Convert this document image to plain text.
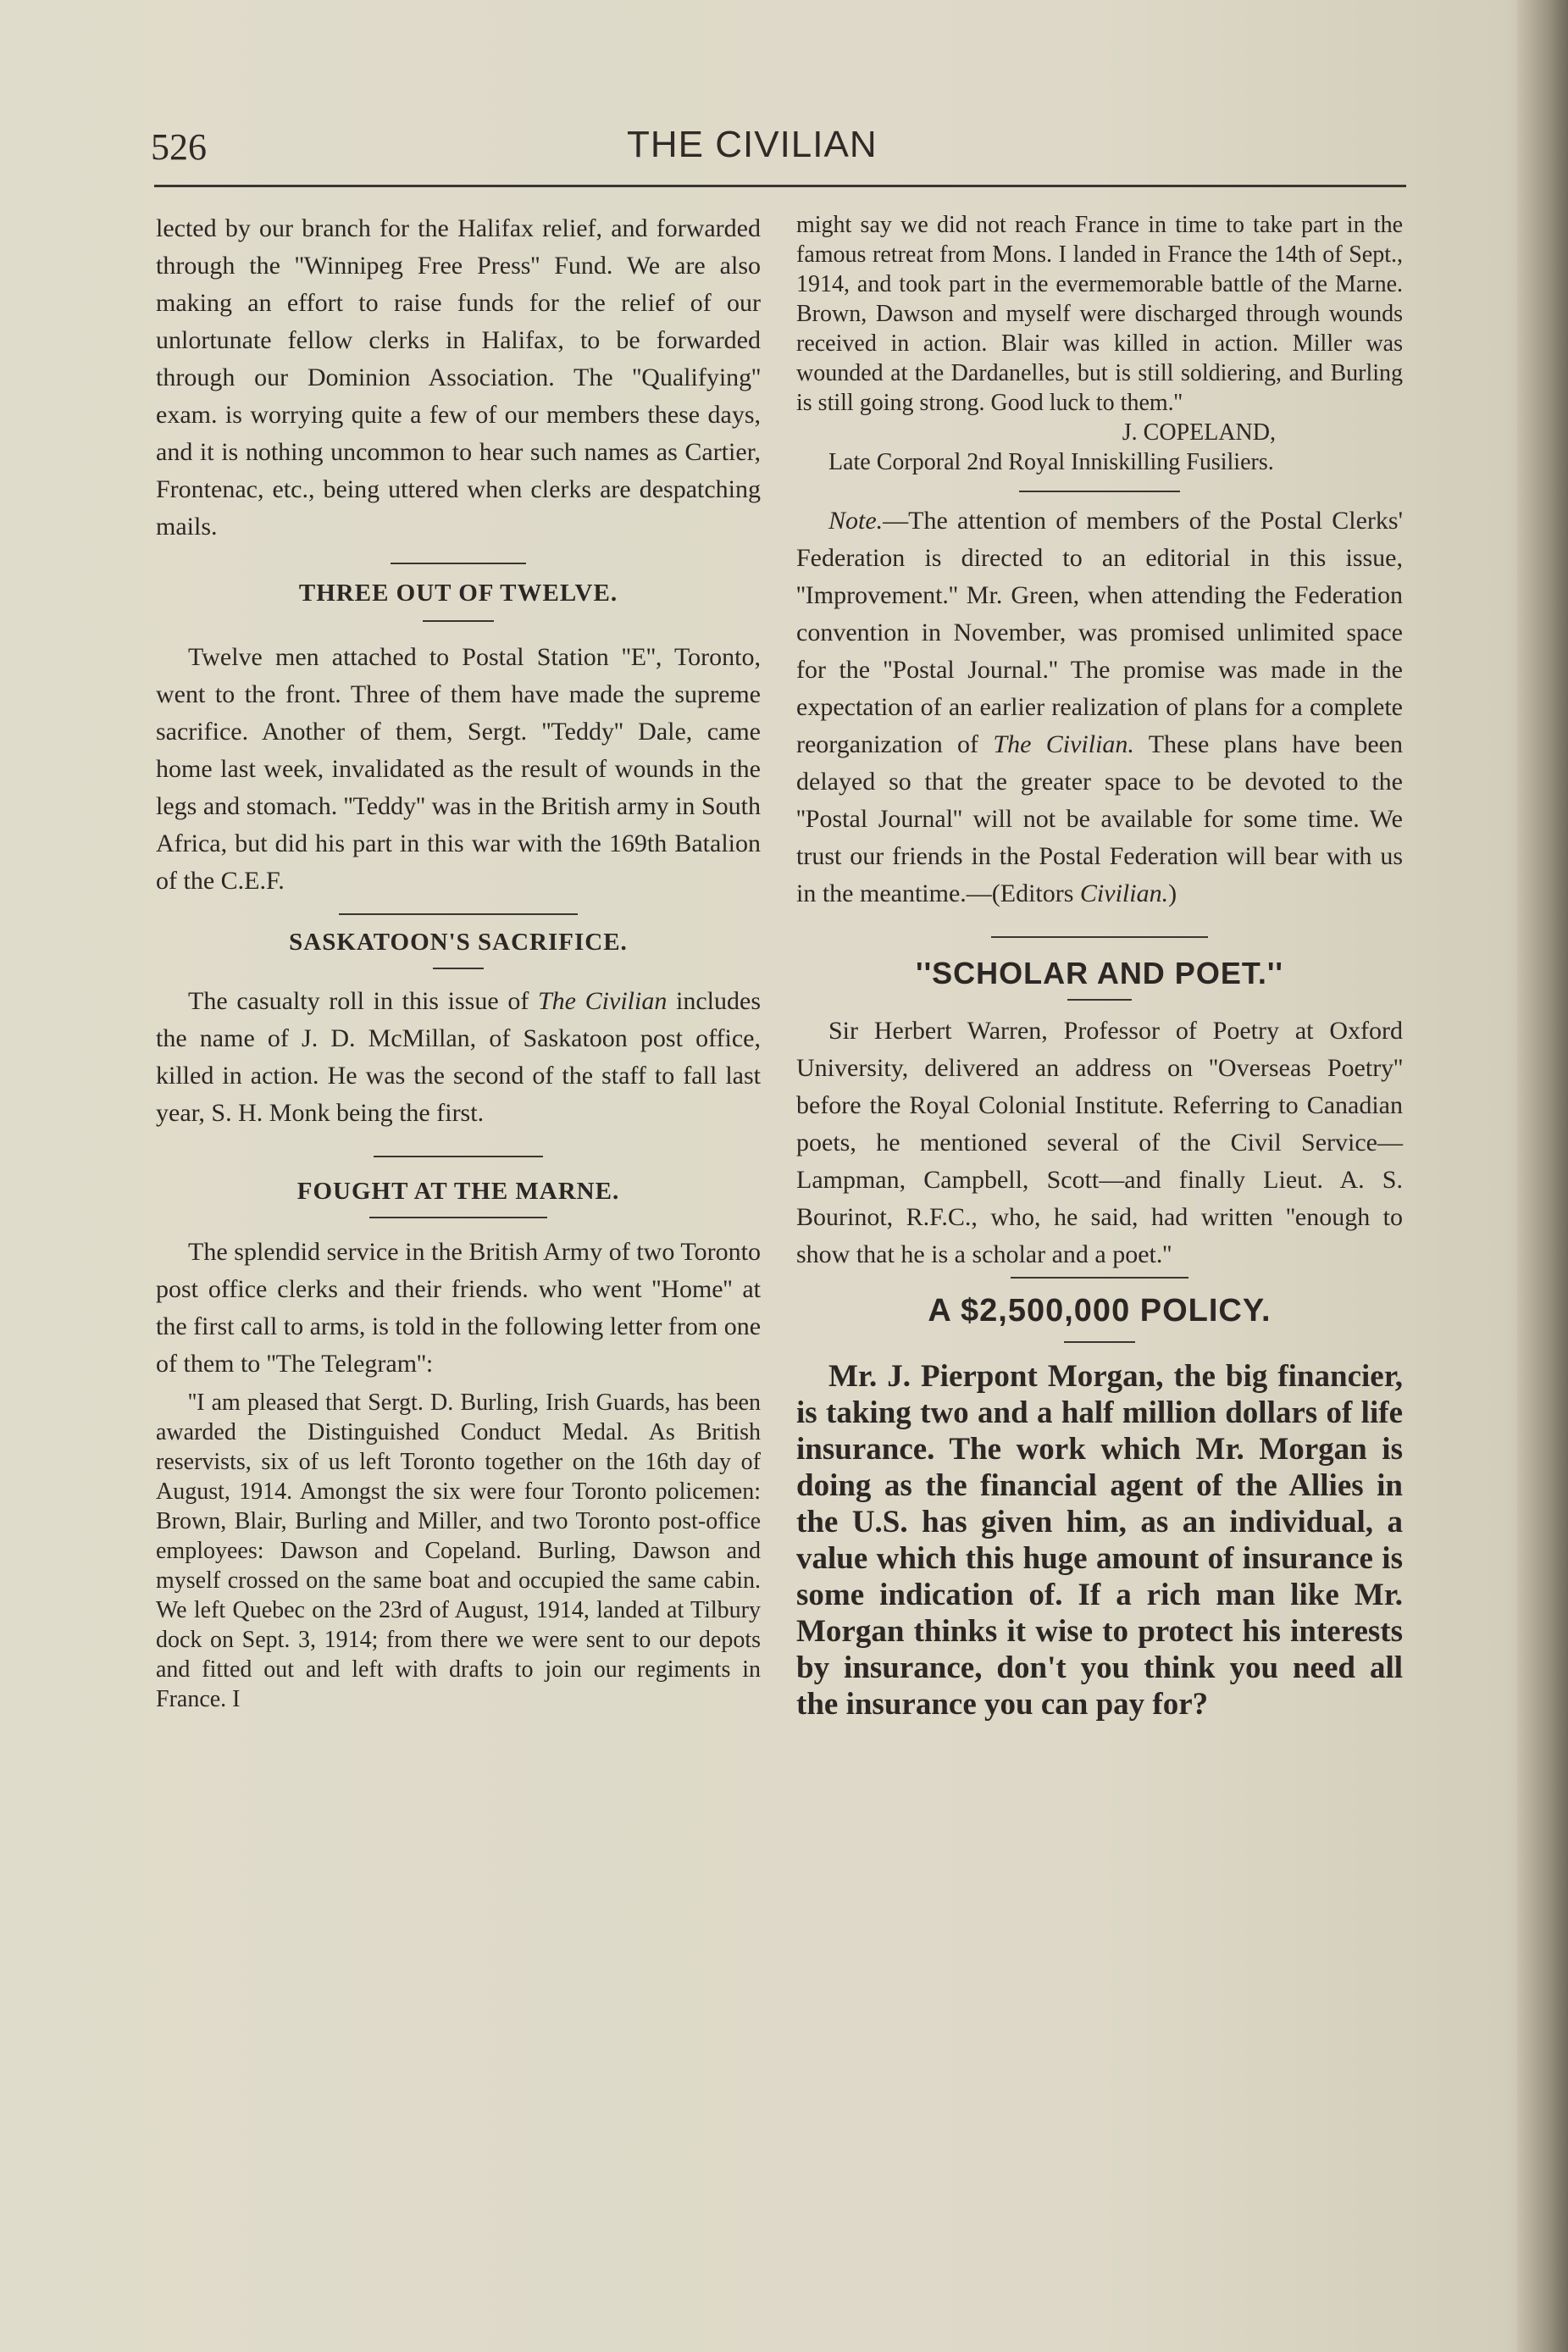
526	THE CIVILIAN

lected by our branch for the Halifax relief, and forwarded through the ''Winnipeg Free Press'' Fund. We are also making an effort to raise funds for the relief of our unlortunate fellow clerks in Halifax, to be forwarded through our Dominion Association. The ''Qualifying'' exam. is worrying quite a few of our members these days, and it is nothing uncommon to hear such names as Cartier, Frontenac, etc., being uttered when clerks are despatching mails.

THREE OUT OF TWELVE.

Twelve men attached to Postal Station ''E'', Toronto, went to the front. Three of them have made the supreme sacrifice. Another of them, Sergt. ''Teddy'' Dale, came home last week, invalidated as the result of wounds in the legs and stomach. ''Teddy'' was in the British army in South Africa, but did his part in this war with the 169th Batalion of the C.E.F.

SASKATOON'S SACRIFICE.

The casualty roll in this issue of The Civilian includes the name of J. D. McMillan, of Saskatoon post office, killed in action. He was the second of the staff to fall last year, S. H. Monk being the first.

FOUGHT AT THE MARNE.

The splendid service in the British Army of two Toronto post office clerks and their friends. who went ''Home'' at the first call to arms, is told in the following letter from one of them to ''The Telegram'':

''I am pleased that Sergt. D. Burling, Irish Guards, has been awarded the Distinguished Conduct Medal. As British reservists, six of us left Toronto together on the 16th day of August, 1914. Amongst the six were four Toronto policemen: Brown, Blair, Burling and Miller, and two Toronto post-office employees: Dawson and Copeland. Burling, Dawson and myself crossed on the same boat and occupied the same cabin. We left Quebec on the 23rd of August, 1914, landed at Tilbury dock on Sept. 3, 1914; from there we were sent to our depots and fitted out and left with drafts to join our regiments in France. I

might say we did not reach France in time to take part in the famous retreat from Mons. I landed in France the 14th of Sept., 1914, and took part in the evermemorable battle of the Marne. Brown, Dawson and myself were discharged through wounds received in action. Blair was killed in action. Miller was wounded at the Dardanelles, but is still soldiering, and Burling is still going strong. Good luck to them.''

J. COPELAND,

Late Corporal 2nd Royal Inniskilling Fusiliers.

Note.—The attention of members of the Postal Clerks' Federation is directed to an editorial in this issue, ''Improvement.'' Mr. Green, when attending the Federation convention in November, was promised unlimited space for the ''Postal Journal.'' The promise was made in the expectation of an earlier realization of plans for a complete reorganization of The Civilian. These plans have been delayed so that the greater space to be devoted to the ''Postal Journal'' will not be available for some time. We trust our friends in the Postal Federation will bear with us in the meantime.—(Editors Civilian.)

''SCHOLAR AND POET.''

Sir Herbert Warren, Professor of Poetry at Oxford University, delivered an address on ''Overseas Poetry'' before the Royal Colonial Institute. Referring to Canadian poets, he mentioned several of the Civil Service—Lampman, Campbell, Scott—and finally Lieut. A. S. Bourinot, R.F.C., who, he said, had written ''enough to show that he is a scholar and a poet.''

A $2,500,000 POLICY.

Mr. J. Pierpont Morgan, the big financier, is taking two and a half million dollars of life insurance. The work which Mr. Morgan is doing as the financial agent of the Allies in the U.S. has given him, as an individual, a value which this huge amount of insurance is some indication of. If a rich man like Mr. Morgan thinks it wise to protect his interests by insurance, don't you think you need all the insurance you can pay for?
